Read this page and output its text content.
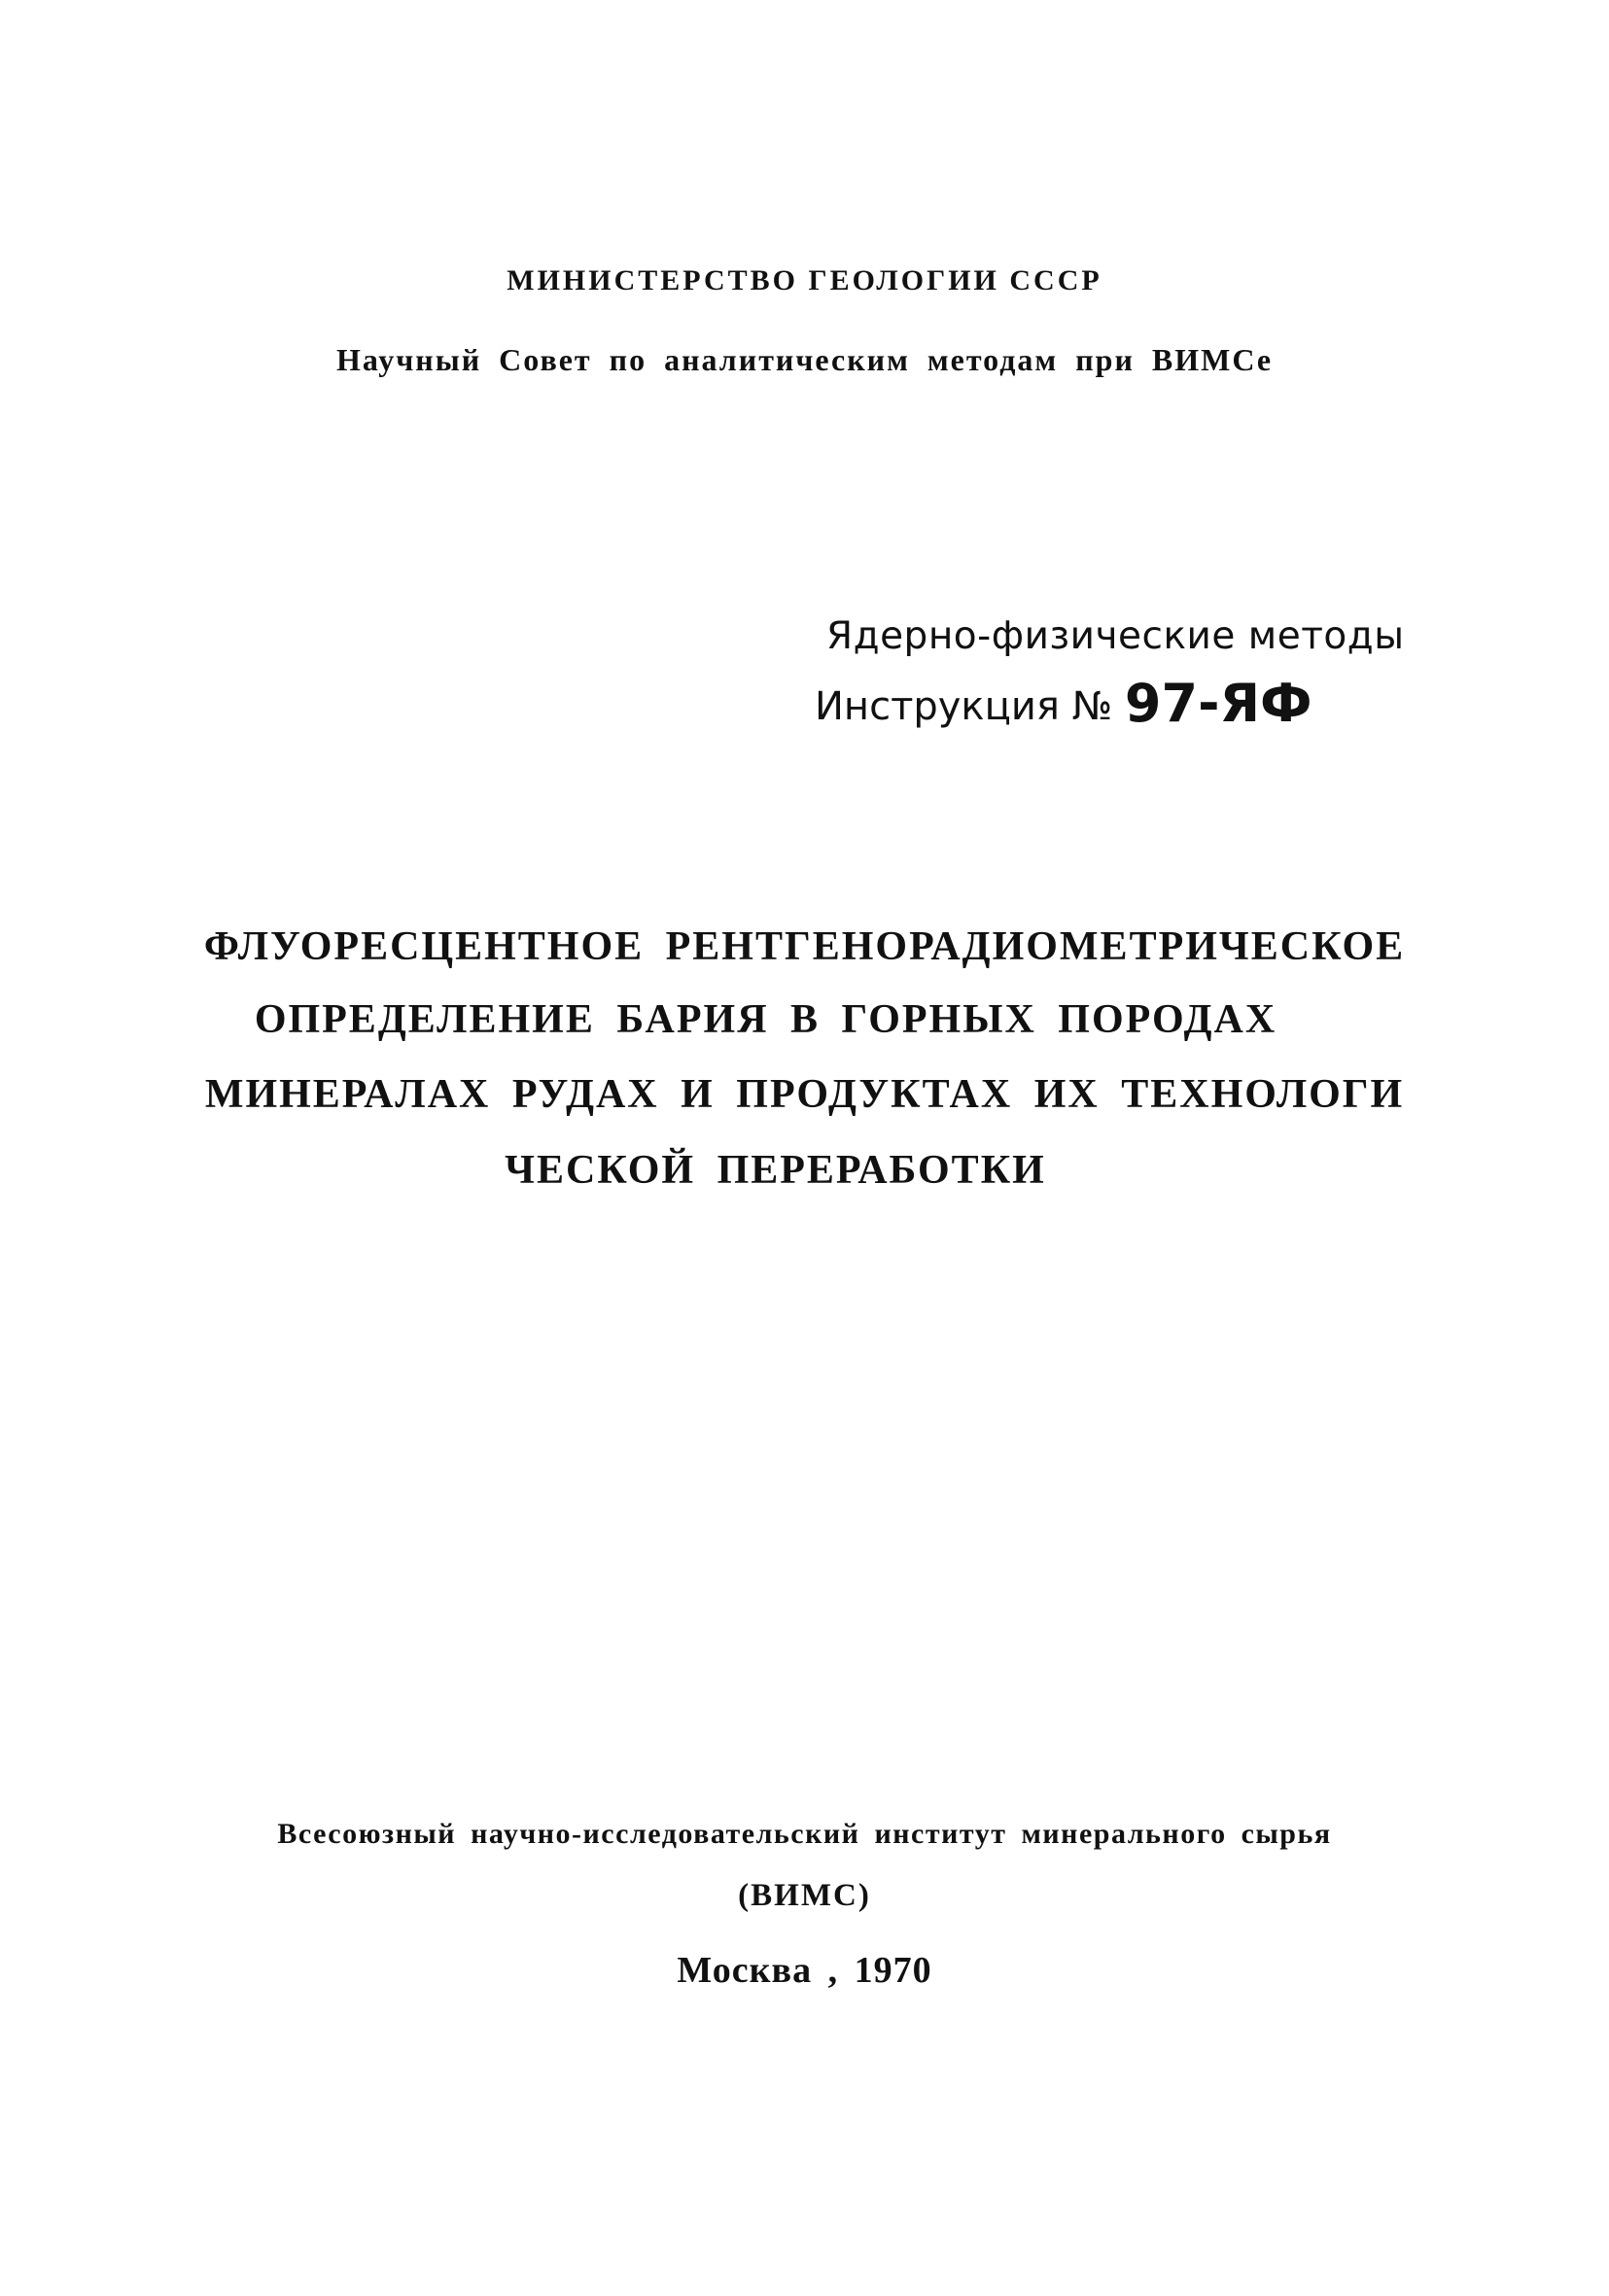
МИНИСТЕРСТВО ГЕОЛОГИИ СССР
Научный Совет по аналитическим методам при ВИМСе
Ядерно-физические методы
Инструкция № 97-ЯФ
ФЛУОРЕСЦЕНТНОЕ РЕНТГЕНОРАДИОМЕТРИЧЕСКОЕ
ОПРЕДЕЛЕНИЕ БАРИЯ В ГОРНЫХ ПОРОДАХ
МИНЕРАЛАХ РУДАХ И ПРОДУКТАХ ИХ ТЕХНОЛОГИ
ЧЕСКОЙ ПЕРЕРАБОТКИ
Всесоюзный научно-исследовательский институт минерального сырья
(ВИМС)
Москва , 1970
